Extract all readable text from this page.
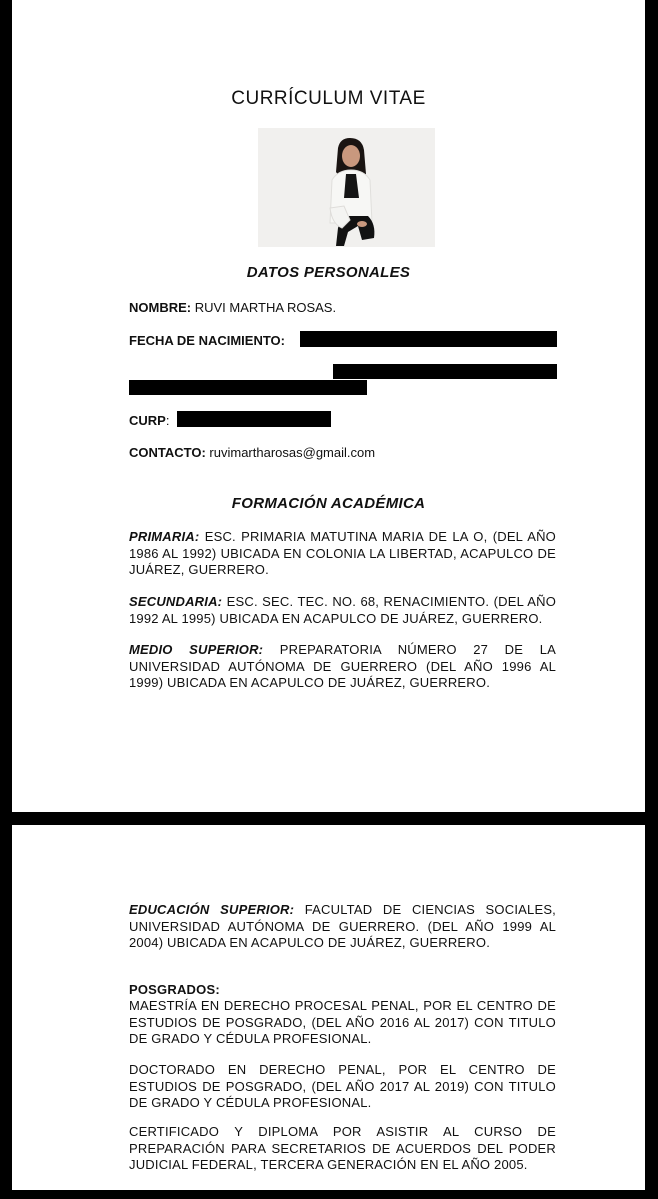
CURRÍCULUM VITAE
DATOS PERSONALES
NOMBRE: RUVI MARTHA ROSAS.
FECHA DE NACIMIENTO:

CURP:
CONTACTO: ruvimartharosas@gmail.com
FORMACIÓN ACADÉMICA
PRIMARIA: ESC. PRIMARIA MATUTINA MARIA DE LA O, (DEL AÑO 1986 AL 1992) UBICADA EN COLONIA LA LIBERTAD, ACAPULCO DE JUÁREZ, GUERRERO.
SECUNDARIA: ESC. SEC. TEC. NO. 68, RENACIMIENTO. (DEL AÑO 1992 AL 1995) UBICADA EN ACAPULCO DE JUÁREZ, GUERRERO.
MEDIO SUPERIOR: PREPARATORIA NÚMERO 27 DE LA UNIVERSIDAD AUTÓNOMA DE GUERRERO (DEL AÑO 1996 AL 1999) UBICADA EN ACAPULCO DE JUÁREZ, GUERRERO.
EDUCACIÓN SUPERIOR: FACULTAD DE CIENCIAS SOCIALES, UNIVERSIDAD AUTÓNOMA DE GUERRERO. (DEL AÑO 1999 AL 2004) UBICADA EN ACAPULCO DE JUÁREZ, GUERRERO.
POSGRADOS:
MAESTRÍA EN DERECHO PROCESAL PENAL, POR EL CENTRO DE ESTUDIOS DE POSGRADO, (DEL AÑO 2016 AL 2017) CON TITULO DE GRADO Y CÉDULA PROFESIONAL.
DOCTORADO EN DERECHO PENAL, POR EL CENTRO DE ESTUDIOS DE POSGRADO, (DEL AÑO 2017 AL 2019) CON TITULO DE GRADO Y CÉDULA PROFESIONAL.
CERTIFICADO Y DIPLOMA POR ASISTIR AL CURSO DE PREPARACIÓN PARA SECRETARIOS DE ACUERDOS DEL PODER JUDICIAL FEDERAL, TERCERA GENERACIÓN EN EL AÑO 2005.
